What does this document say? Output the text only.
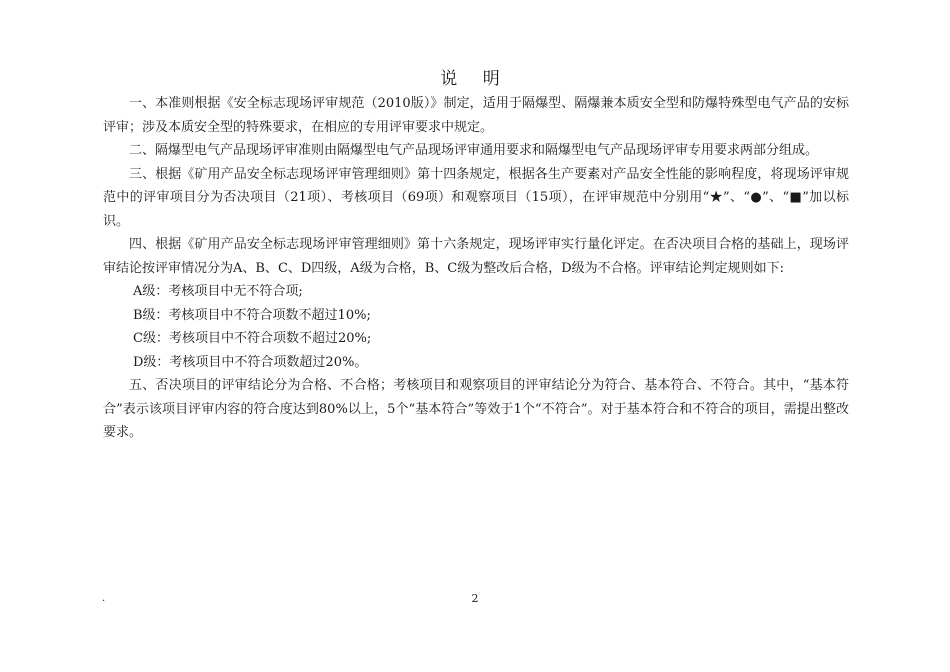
说 明

一、本准则根据《安全标志现场评审规范（2010版）》制定，适用于隔爆型、隔爆兼本质安全型和防爆特殊型电气产品的安标评审；涉及本质安全型的特殊要求，在相应的专用评审要求中规定。

二、隔爆型电气产品现场评审准则由隔爆型电气产品现场评审通用要求和隔爆型电气产品现场评审专用要求两部分组成。

三、根据《矿用产品安全标志现场评审管理细则》第十四条规定，根据各生产要素对产品安全性能的影响程度，将现场评审规范中的评审项目分为否决项目（21项）、考核项目（69项）和观察项目（15项），在评审规范中分别用“★”、“●”、“■”加以标识。

四、根据《矿用产品安全标志现场评审管理细则》第十六条规定，现场评审实行量化评定。在否决项目合格的基础上，现场评审结论按评审情况分为A、B、C、D四级，A级为合格，B、C级为整改后合格，D级为不合格。评审结论判定规则如下:

A级：考核项目中无不符合项;

B级：考核项目中不符合项数不超过10%;

C级：考核项目中不符合项数不超过20%;

D级：考核项目中不符合项数超过20%。

五、否决项目的评审结论分为合格、不合格；考核项目和观察项目的评审结论分为符合、基本符合、不符合。其中，“基本符合”表示该项目评审内容的符合度达到80%以上，5个“基本符合”等效于1个“不符合”。对于基本符合和不符合的项目，需提出整改要求。

.	2
